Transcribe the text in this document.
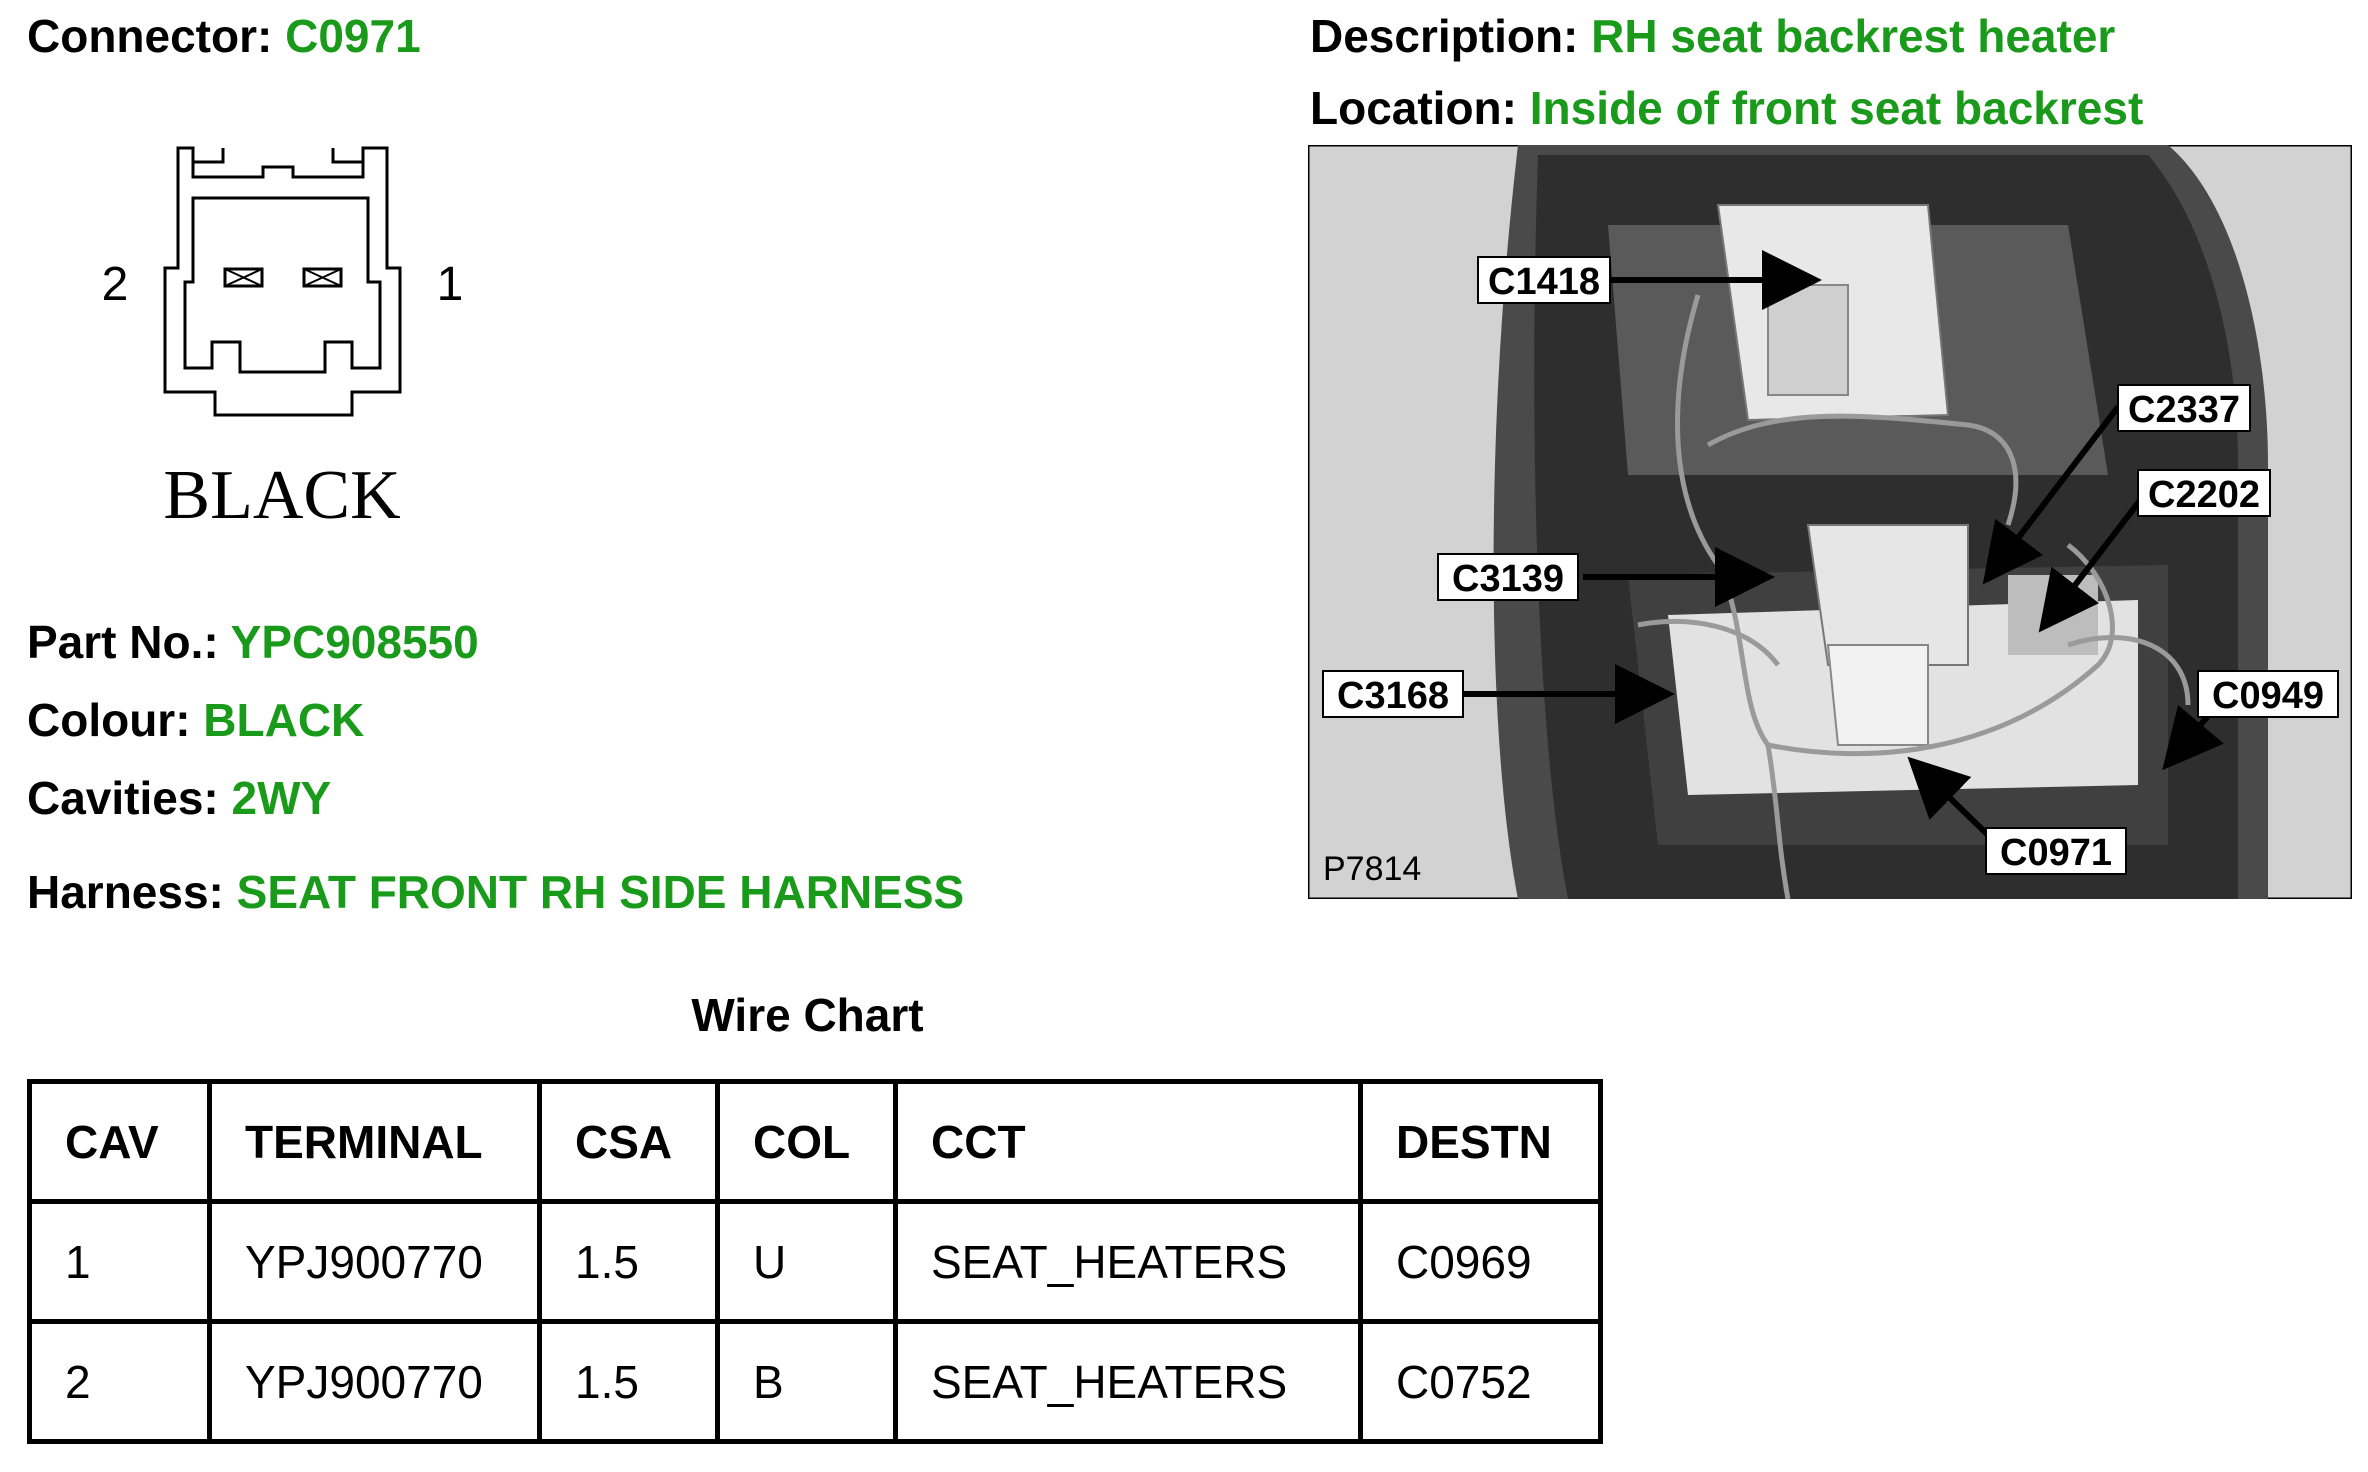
Connector: C0971	Description: RH seat backrest heater
Location: Inside of front seat backrest
2	1
BLACK
C1418
C2337
C2202
C3139
C3168	C0949
C0971
P7814
Part No.: YPC908550
Colour: BLACK
Cavities: 2WY
Harness: SEAT FRONT RH SIDE HARNESS
Wire Chart
CAV	TERMINAL	CSA	COL	CCT	DESTN
1	YPJ900770	1.5	U	SEAT_HEATERS	C0969
2	YPJ900770	1.5	B	SEAT_HEATERS	C0752
